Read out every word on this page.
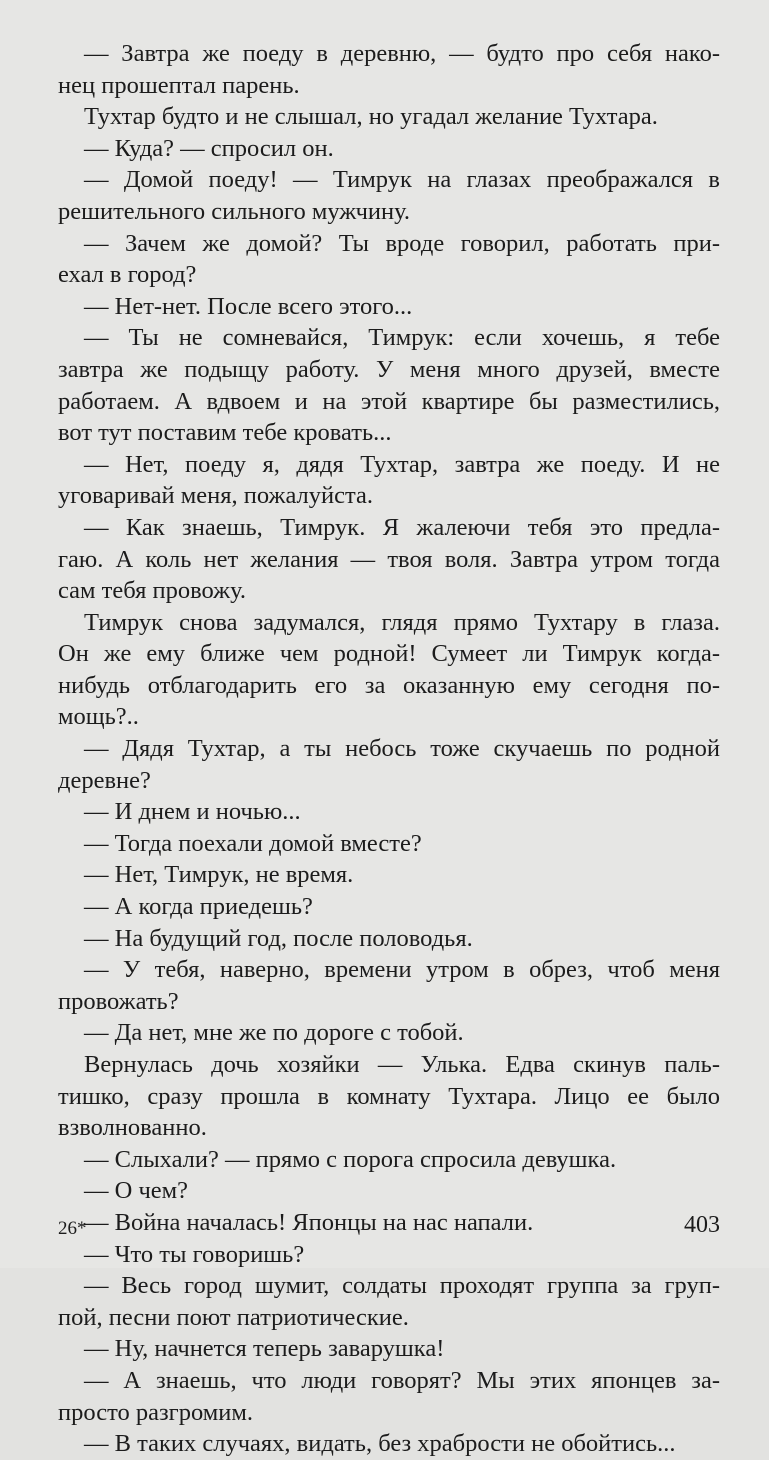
— Завтра же поеду в деревню, — будто про себя нако-
нец прошептал парень.
Тухтар будто и не слышал, но угадал желание Тухтара.
— Куда? — спросил он.
— Домой поеду! — Тимрук на глазах преображался в
решительного сильного мужчину.
— Зачем же домой? Ты вроде говорил, работать при-
ехал в город?
— Нет-нет. После всего этого...
— Ты не сомневайся, Тимрук: если хочешь, я тебе
завтра же подыщу работу. У меня много друзей, вместе
работаем. А вдвоем и на этой квартире бы разместились,
вот тут поставим тебе кровать...
— Нет, поеду я, дядя Тухтар, завтра же поеду. И не
уговаривай меня, пожалуйста.
— Как знаешь, Тимрук. Я жалеючи тебя это предла-
гаю. А коль нет желания — твоя воля. Завтра утром тогда
сам тебя провожу.
Тимрук снова задумался, глядя прямо Тухтару в глаза.
Он же ему ближе чем родной! Сумеет ли Тимрук когда-
нибудь отблагодарить его за оказанную ему сегодня по-
мощь?..
— Дядя Тухтар, а ты небось тоже скучаешь по родной
деревне?
— И днем и ночью...
— Тогда поехали домой вместе?
— Нет, Тимрук, не время.
— А когда приедешь?
— На будущий год, после половодья.
— У тебя, наверно, времени утром в обрез, чтоб меня
провожать?
— Да нет, мне же по дороге с тобой.
Вернулась дочь хозяйки — Улька. Едва скинув паль-
тишко, сразу прошла в комнату Тухтара. Лицо ее было
взволнованно.
— Слыхали? — прямо с порога спросила девушка.
— О чем?
— Война началась! Японцы на нас напали.
— Что ты говоришь?
— Весь город шумит, солдаты проходят группа за груп-
пой, песни поют патриотические.
— Ну, начнется теперь заварушка!
— А знаешь, что люди говорят? Мы этих японцев за-
просто разгромим.
— В таких случаях, видать, без храбрости не обойтись...
26*	403
